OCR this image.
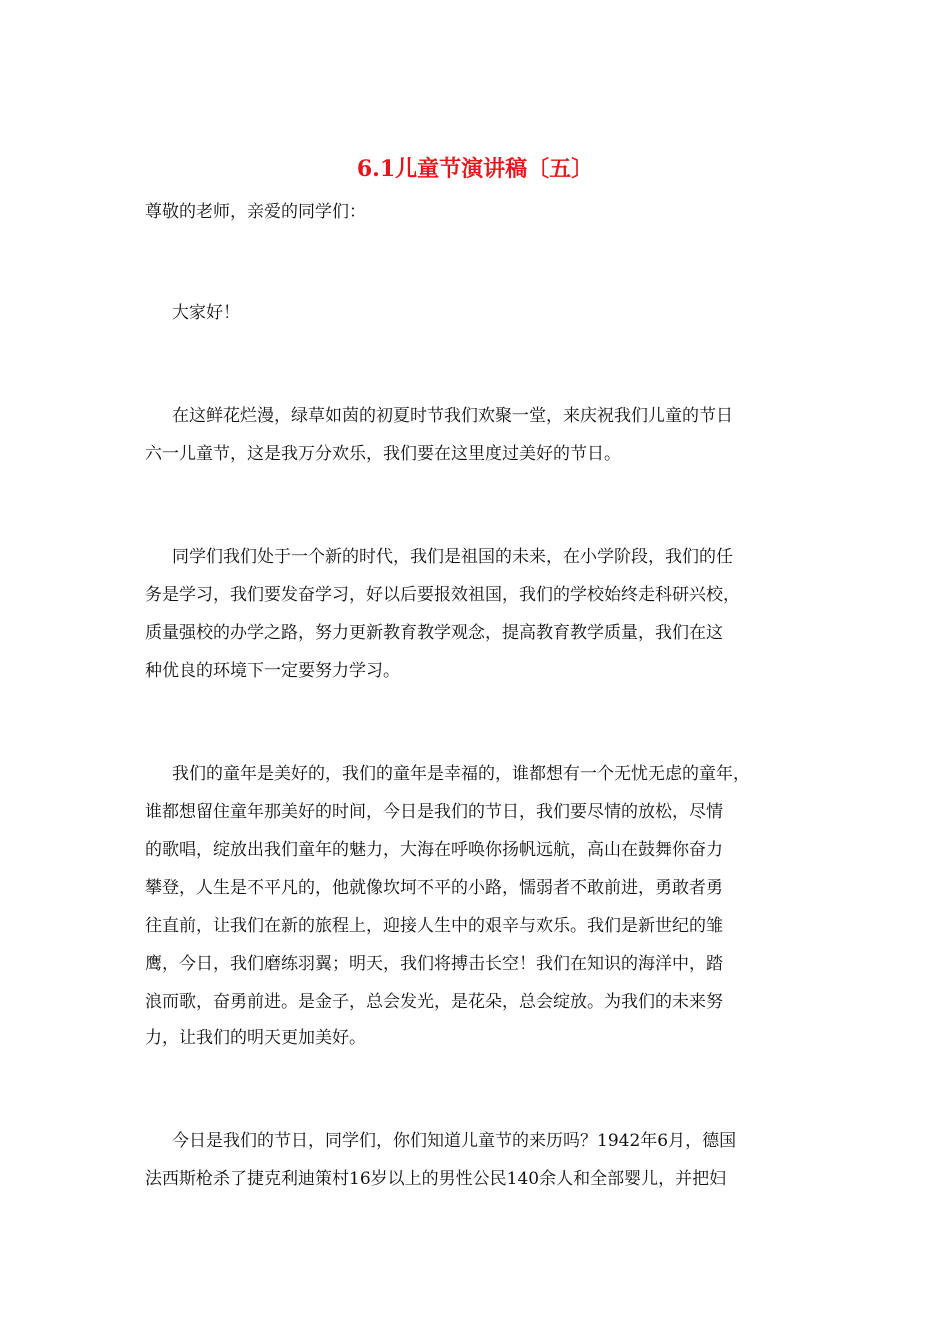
6.1儿童节演讲稿〔五〕
尊敬的老师，亲爱的同学们：
大家好！
在这鲜花烂漫，绿草如茵的初夏时节我们欢聚一堂，来庆祝我们儿童的节日
六一儿童节，这是我万分欢乐，我们要在这里度过美好的节日。
同学们我们处于一个新的时代，我们是祖国的未来，在小学阶段，我们的任
务是学习，我们要发奋学习，好以后要报效祖国，我们的学校始终走科研兴校，
质量强校的办学之路，努力更新教育教学观念，提高教育教学质量，我们在这
种优良的环境下一定要努力学习。
我们的童年是美好的，我们的童年是幸福的，谁都想有一个无忧无虑的童年，
谁都想留住童年那美好的时间，今日是我们的节日，我们要尽情的放松，尽情
的歌唱，绽放出我们童年的魅力，大海在呼唤你扬帆远航，高山在鼓舞你奋力
攀登，人生是不平凡的，他就像坎坷不平的小路，懦弱者不敢前进，勇敢者勇
往直前，让我们在新的旅程上，迎接人生中的艰辛与欢乐。我们是新世纪的雏
鹰，今日，我们磨练羽翼；明天，我们将搏击长空！我们在知识的海洋中，踏
浪而歌，奋勇前进。是金子，总会发光，是花朵，总会绽放。为我们的未来努
力，让我们的明天更加美好。
今日是我们的节日，同学们，你们知道儿童节的来历吗？1942年6月，德国
法西斯枪杀了捷克利迪策村16岁以上的男性公民140余人和全部婴儿，并把妇
